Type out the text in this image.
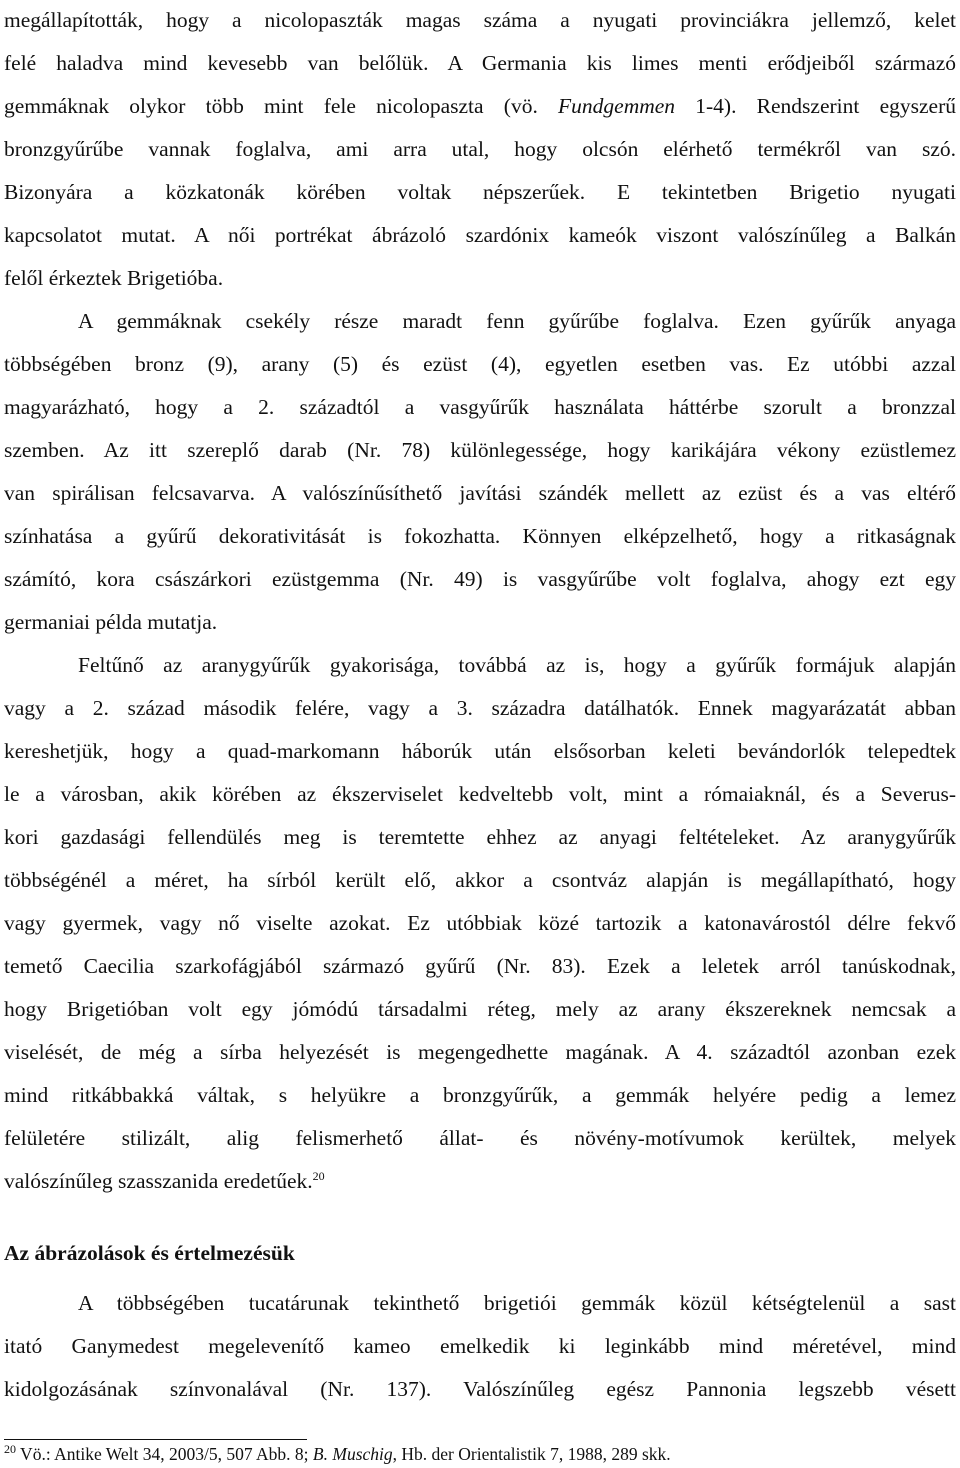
megállapították, hogy a nicolopaszták magas száma a nyugati provinciákra jellemző, kelet
felé haladva mind kevesebb van belőlük. A Germania kis limes menti erődjeiből származó
gemmáknak olykor több mint fele nicolopaszta (vö. Fundgemmen 1-4). Rendszerint egyszerű
bronzgyűrűbe vannak foglalva, ami arra utal, hogy olcsón elérhető termékről van szó.
Bizonyára a közkatonák körében voltak népszerűek. E tekintetben Brigetio nyugati
kapcsolatot mutat. A női portrékat ábrázoló szardónix kameók viszont valószínűleg a Balkán
felől érkeztek Brigetióba.
A gemmáknak csekély része maradt fenn gyűrűbe foglalva. Ezen gyűrűk anyaga
többségében bronz (9), arany (5) és ezüst (4), egyetlen esetben vas. Ez utóbbi azzal
magyarázható, hogy a 2. századtól a vasgyűrűk használata háttérbe szorult a bronzzal
szemben. Az itt szereplő darab (Nr. 78) különlegessége, hogy karikájára vékony ezüstlemez
van spirálisan felcsavarva. A valószínűsíthető javítási szándék mellett az ezüst és a vas eltérő
színhatása a gyűrű dekorativitását is fokozhatta. Könnyen elképzelhető, hogy a ritkaságnak
számító, kora császárkori ezüstgemma (Nr. 49) is vasgyűrűbe volt foglalva, ahogy ezt egy
germaniai példa mutatja.
Feltűnő az aranygyűrűk gyakorisága, továbbá az is, hogy a gyűrűk formájuk alapján
vagy a 2. század második felére, vagy a 3. századra datálhatók. Ennek magyarázatát abban
kereshetjük, hogy a quad-markomann háborúk után elsősorban keleti bevándorlók telepedtek
le a városban, akik körében az ékszerviselet kedveltebb volt, mint a rómaiaknál, és a Severus-
kori gazdasági fellendülés meg is teremtette ehhez az anyagi feltételeket. Az aranygyűrűk
többségénél a méret, ha sírból került elő, akkor a csontváz alapján is megállapítható, hogy
vagy gyermek, vagy nő viselte azokat. Ez utóbbiak közé tartozik a katonavárostól délre fekvő
temető Caecilia szarkofágjából származó gyűrű (Nr. 83). Ezek a leletek arról tanúskodnak,
hogy Brigetióban volt egy jómódú társadalmi réteg, mely az arany ékszereknek nemcsak a
viselését, de még a sírba helyezését is megengedhette magának. A 4. századtól azonban ezek
mind ritkábbakká váltak, s helyükre a bronzgyűrűk, a gemmák helyére pedig a lemez
felületére stilizált, alig felismerhető állat- és növény-motívumok kerültek, melyek
valószínűleg szasszanida eredetűek.$^{20}$
A többségében tucatárunak tekinthető brigetiói gemmák közül kétségtelenül a sast
itató Ganymedest megelevenítő kameo emelkedik ki leginkább mind méretével, mind
kidolgozásának színvonalával (Nr. 137). Valószínűleg egész Pannonia legszebb vésett
Az ábrázolások és értelmezésük
$^{20}$ Vö.: Antike Welt 34, 2003/5, 507 Abb. 8; B. Muschig, Hb. der Orientalistik 7, 1988, 289 skk.
